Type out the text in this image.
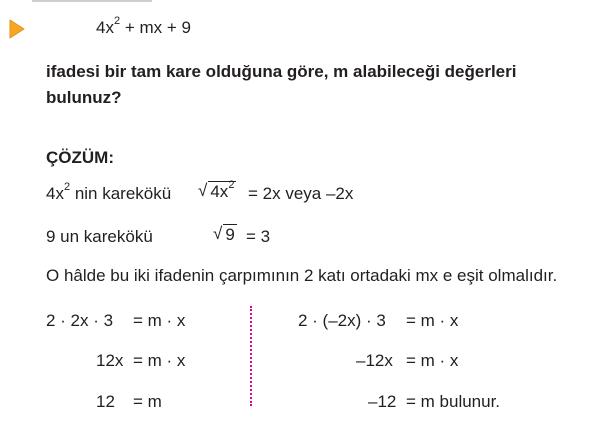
$4x^2$ + mx + 9
ifadesi bir tam kare olduğuna göre, m alabileceği değerleri
bulunuz?
ÇÖZÜM:
$4x^2$ nin karekökü √ $4x^2 = 2x$ veya –2x
9 un karekökü	√ 9 = 3
O hâlde bu iki ifadenin çarpımının 2 katı ortadaki mx e eşit olmalıdır.
2 · 2x · 3 = m · x
12x = m · x
12 = m
2 · (–2x) · 3 = m · x
–12x = m · x
–12 = m bulunur.
